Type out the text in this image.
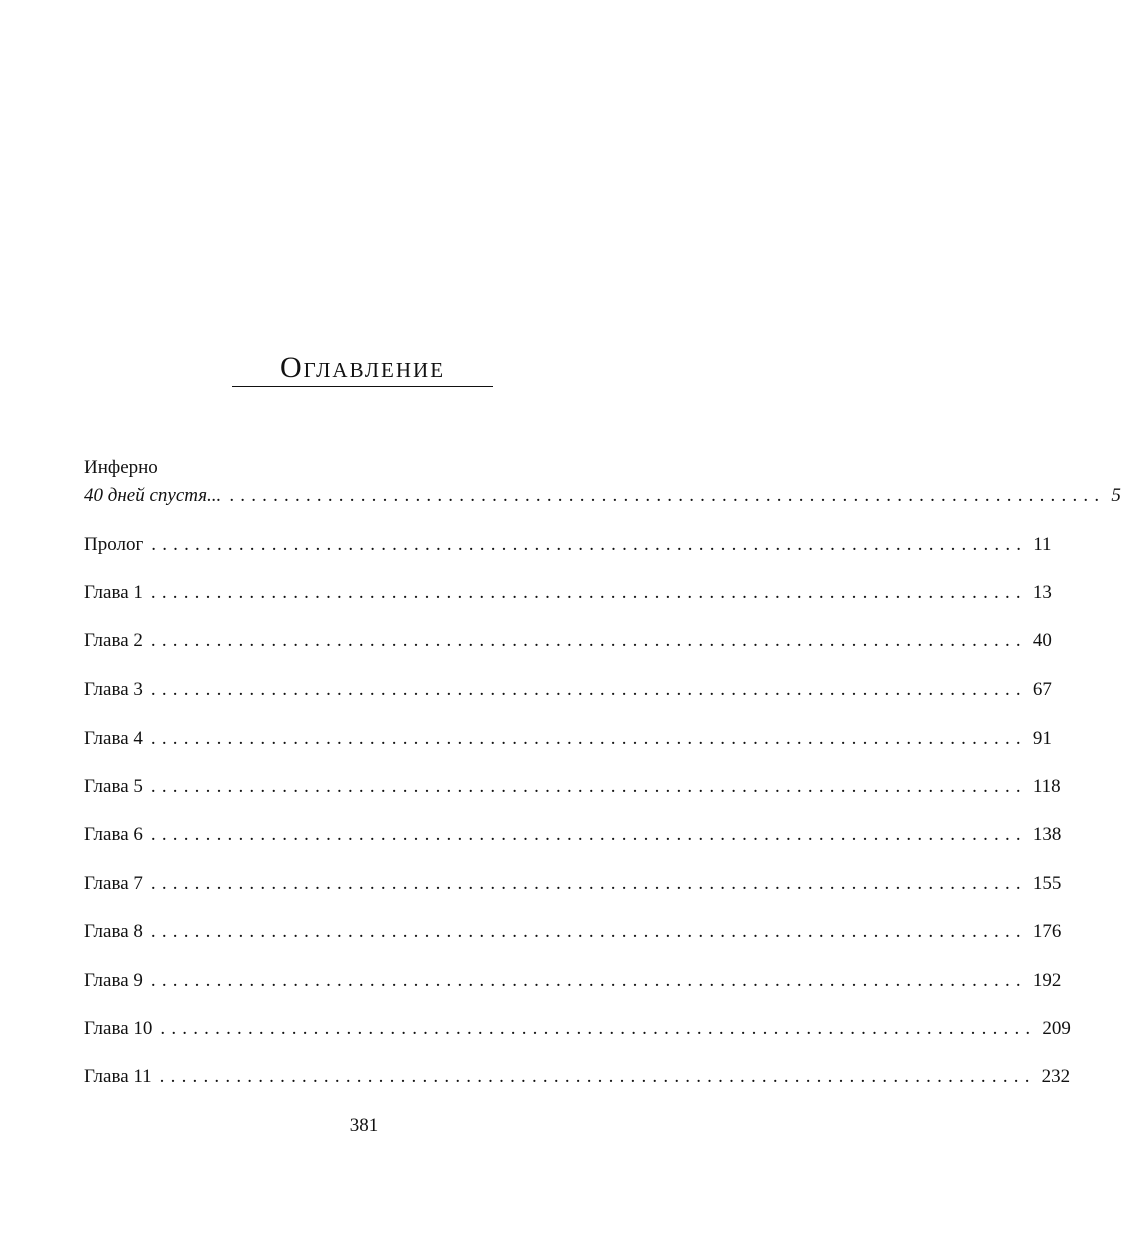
Оглавление
Инферно
40 дней спустя... ................................................................................ 5
Пролог ................................................................................ 11
Глава 1 ................................................................................ 13
Глава 2 ................................................................................ 40
Глава 3 ................................................................................ 67
Глава 4 ................................................................................ 91
Глава 5 ................................................................................ 118
Глава 6 ................................................................................ 138
Глава 7 ................................................................................ 155
Глава 8 ................................................................................ 176
Глава 9 ................................................................................ 192
Глава 10 ................................................................................ 209
Глава 11 ................................................................................ 232
381
